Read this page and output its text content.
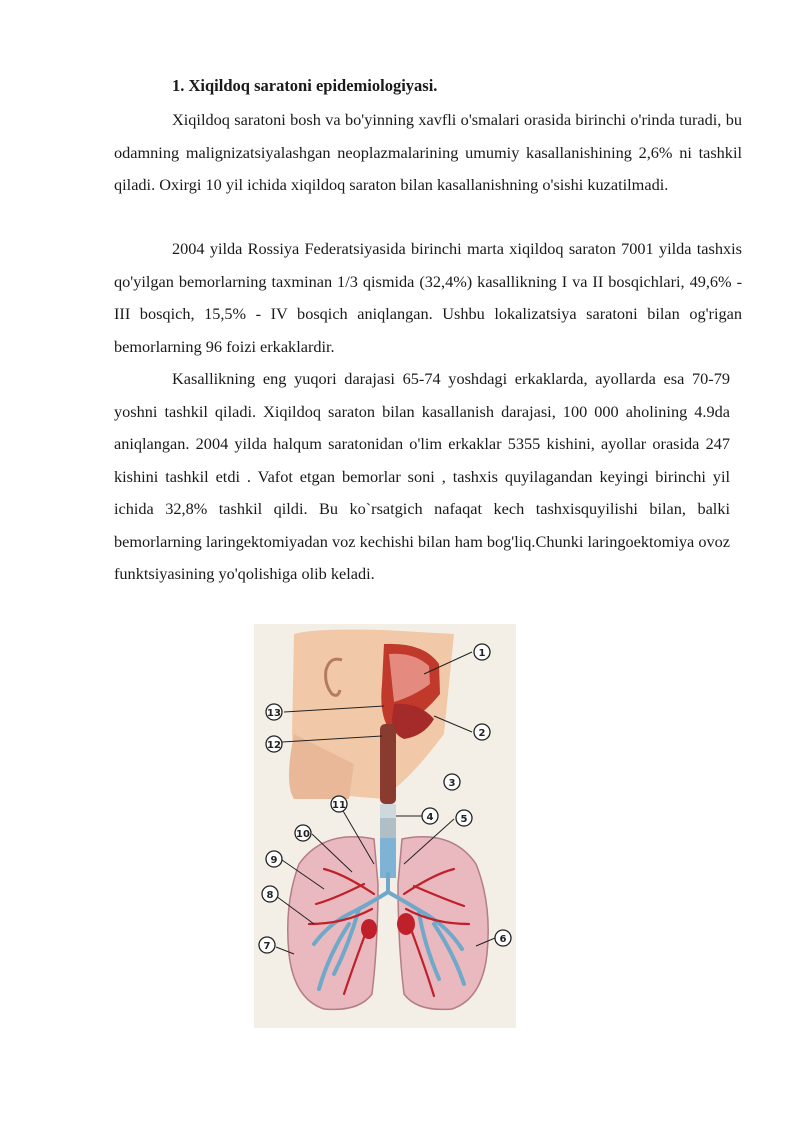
1. Xiqildoq saratoni epidemiologiyasi.

Xiqildoq saratoni bosh va bo'yinning xavfli o'smalari orasida birinchi o'rinda turadi, bu odamning malignizatsiyalashgan neoplazmalarining umumiy kasallanishining 2,6% ni tashkil qiladi. Oxirgi 10 yil ichida xiqildoq saraton bilan kasallanishning o'sishi kuzatilmadi.

2004 yilda Rossiya Federatsiyasida birinchi marta xiqildoq saraton 7001 yilda tashxis qo'yilgan bemorlarning taxminan 1/3 qismida (32,4%) kasallikning I va II bosqichlari, 49,6% - III bosqich, 15,5% - IV bosqich aniqlangan. Ushbu lokalizatsiya saratoni bilan og'rigan bemorlarning 96 foizi erkaklardir.

Kasallikning eng yuqori darajasi 65-74 yoshdagi erkaklarda, ayollarda esa 70-79 yoshni tashkil qiladi. Xiqildoq saraton bilan kasallanish darajasi, 100 000 aholining 4.9da aniqlangan. 2004 yilda halqum saratonidan o'lim erkaklar 5355 kishini, ayollar orasida 247 kishini tashkil etdi . Vafot etgan bemorlar soni , tashxis quyilagandan keyingi birinchi yil ichida 32,8% tashkil qildi. Bu ko`rsatgich nafaqat kech tashxisquyilishi bilan, balki bemorlarning laringektomiyadan voz kechishi bilan ham bog'liq.Chunki laringoektomiya ovoz funktsiyasining yo'qolishiga olib keladi.

1
2
3
4	5
6
7
8
9
10
11
12
13
